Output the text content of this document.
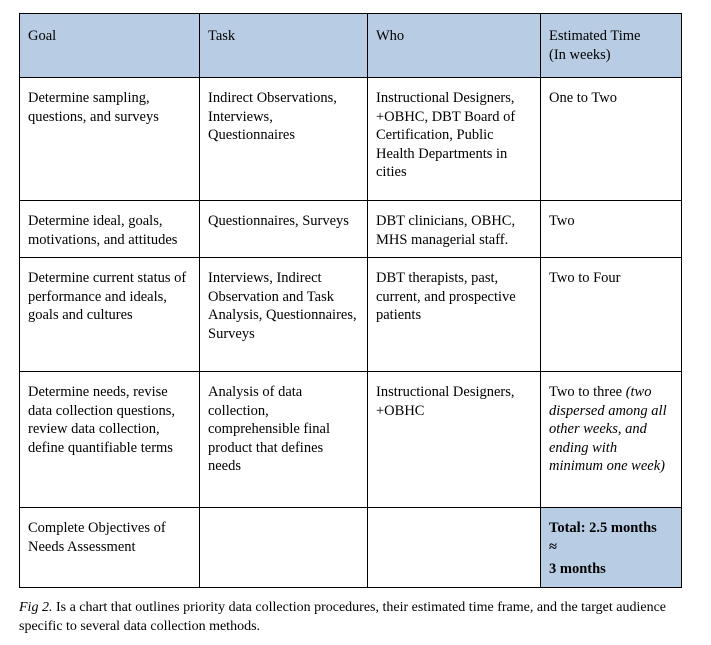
Goal	Task	Who	Estimated Time
(In weeks)
Determine sampling, questions, and surveys	Indirect Observations, Interviews, Questionnaires	Instructional Designers, +OBHC, DBT Board of Certification, Public Health Departments in cities	One to Two
Determine ideal, goals, motivations, and attitudes	Questionnaires, Surveys	DBT clinicians, OBHC, MHS managerial staff.	Two
Determine current status of performance and ideals, goals and cultures	Interviews, Indirect Observation and Task Analysis, Questionnaires, Surveys	DBT therapists, past, current, and prospective patients	Two to Four
Determine needs, revise data collection questions, review data collection, define quantifiable terms	Analysis of data collection, comprehensible final product that defines needs	Instructional Designers, +OBHC	Two to three (two dispersed among all other weeks, and ending with minimum one week)
Complete Objectives of Needs Assessment			Total: 2.5 months
≈
3 months
Fig 2. Is a chart that outlines priority data collection procedures, their estimated time frame, and the target audience specific to several data collection methods.
